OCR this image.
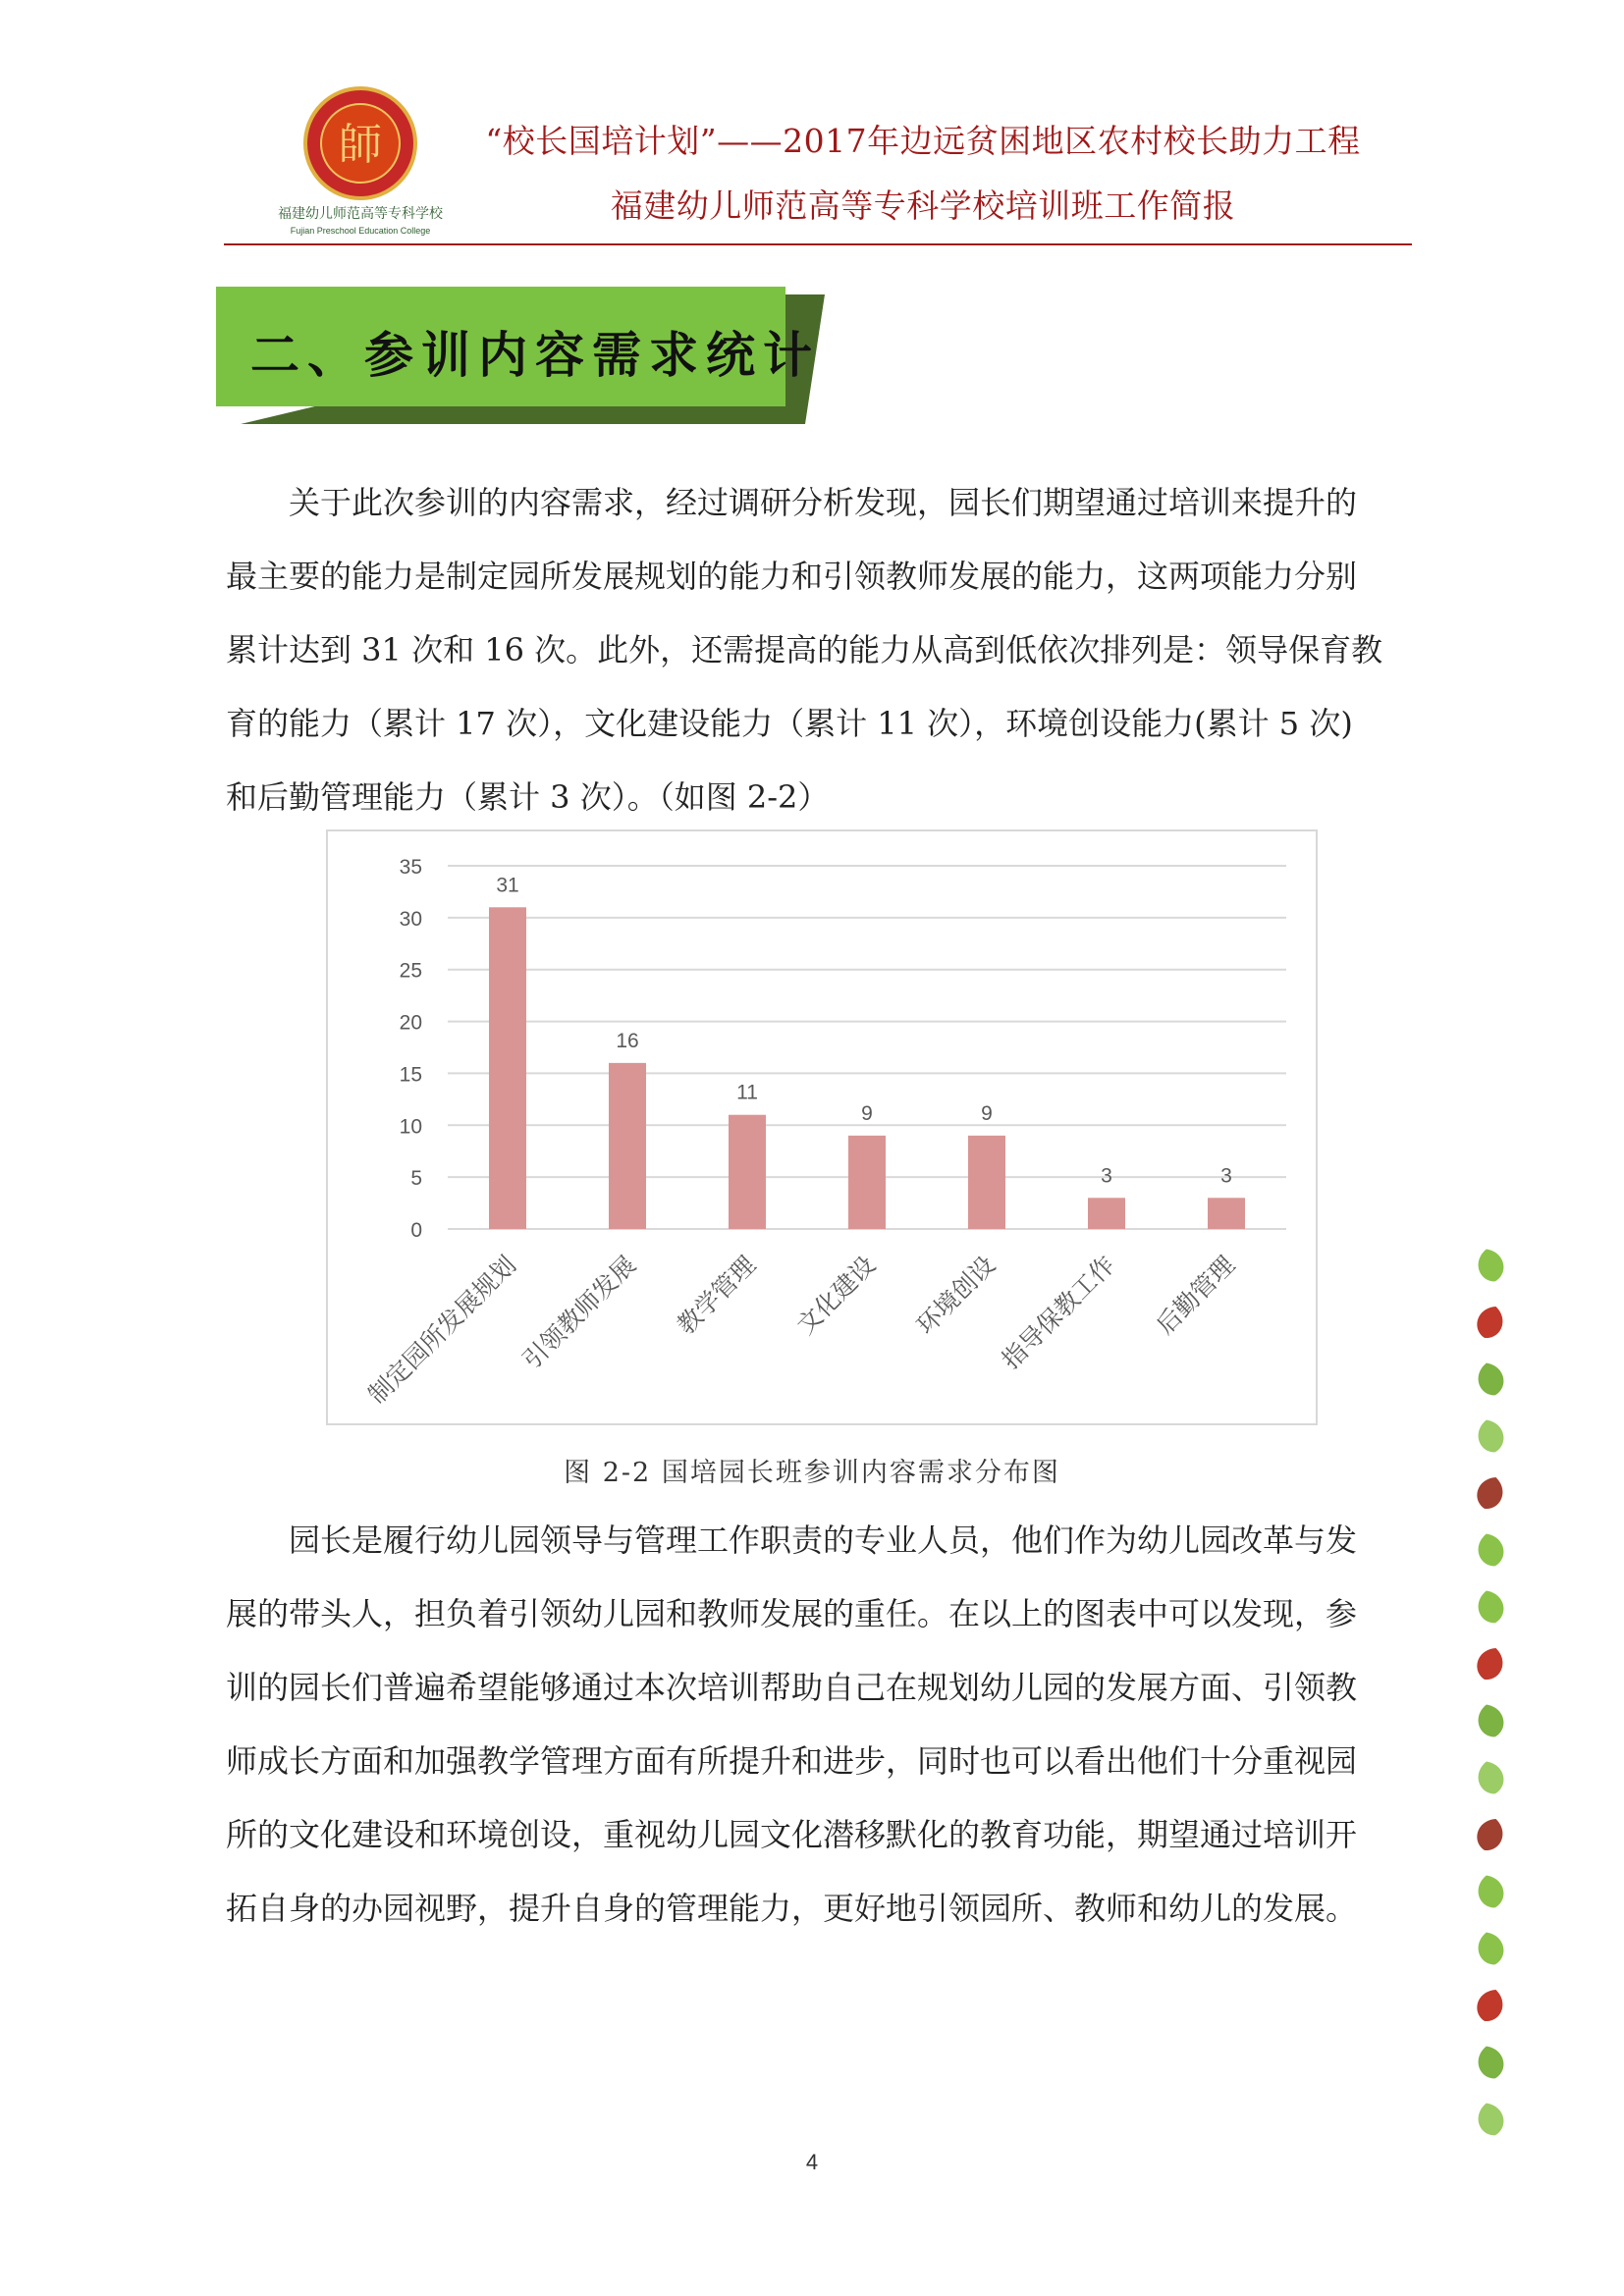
師
福建幼儿师范高等专科学校
Fujian Preschool Education College
“校长国培计划”——2017年边远贫困地区农村校长助力工程
福建幼儿师范高等专科学校培训班工作简报
二、参训内容需求统计
关于此次参训的内容需求，经过调研分析发现，园长们期望通过培训来提升的
最主要的能力是制定园所发展规划的能力和引领教师发展的能力，这两项能力分别
累计达到 31 次和 16 次。此外，还需提高的能力从高到低依次排列是：领导保育教
育的能力（累计 17 次），文化建设能力（累计 11 次），环境创设能力(累计 5 次)
和后勤管理能力（累计 3 次）。（如图 2-2）
0
5
10
15
20
25
30
35
31
制定园所发展规划
16
引领教师发展
11
教学管理
9
文化建设
9
环境创设
3
指导保教工作
3
后勤管理
图 2-2 国培园长班参训内容需求分布图
园长是履行幼儿园领导与管理工作职责的专业人员，他们作为幼儿园改革与发
展的带头人，担负着引领幼儿园和教师发展的重任。在以上的图表中可以发现，参
训的园长们普遍希望能够通过本次培训帮助自己在规划幼儿园的发展方面、引领教
师成长方面和加强教学管理方面有所提升和进步，同时也可以看出他们十分重视园
所的文化建设和环境创设，重视幼儿园文化潜移默化的教育功能，期望通过培训开
拓自身的办园视野，提升自身的管理能力，更好地引领园所、教师和幼儿的发展。
4
